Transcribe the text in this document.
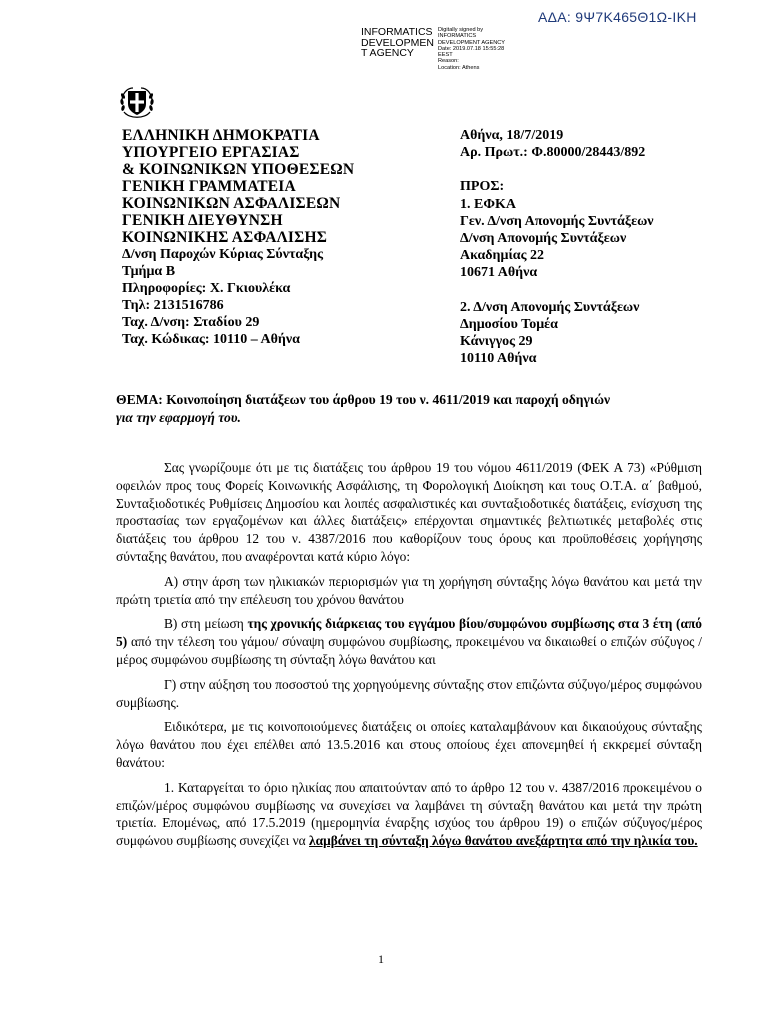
ΑΔΑ: 9Ψ7Κ465Θ1Ω-ΙΚΗ
INFORMATICS
DEVELOPMEN
T AGENCY
Digitally signed by
INFORMATICS
DEVELOPMENT AGENCY
Date: 2019.07.18 15:55:28
EEST
Reason:
Location: Athens
ΕΛΛΗΝΙΚΗ ΔΗΜΟΚΡΑΤΙΑ
ΥΠΟΥΡΓΕΙΟ ΕΡΓΑΣΙΑΣ
& ΚΟΙΝΩΝΙΚΩΝ ΥΠΟΘΕΣΕΩΝ
ΓΕΝΙΚΗ ΓΡΑΜΜΑΤΕΙΑ
ΚΟΙΝΩΝΙΚΩΝ ΑΣΦΑΛΙΣΕΩΝ
ΓΕΝΙΚΗ ΔΙΕΥΘΥΝΣΗ
ΚΟΙΝΩΝΙΚΗΣ ΑΣΦΑΛΙΣΗΣ
Δ/νση Παροχών Κύριας Σύνταξης
Τμήμα Β
Πληροφορίες: Χ. Γκιουλέκα
Τηλ: 2131516786
Ταχ. Δ/νση: Σταδίου 29
Ταχ. Κώδικας: 10110 – Αθήνα
Αθήνα, 18/7/2019
Αρ. Πρωτ.: Φ.80000/28443/892
ΠΡΟΣ:
1. ΕΦΚΑ
Γεν. Δ/νση Απονομής Συντάξεων
Δ/νση Απονομής Συντάξεων
Ακαδημίας 22
10671 Αθήνα
2. Δ/νση Απονομής Συντάξεων
Δημοσίου Τομέα
Κάνιγγος 29
10110 Αθήνα
ΘΕΜΑ: Κοινοποίηση διατάξεων του άρθρου 19 του ν. 4611/2019 και παροχή οδηγιών
για την εφαρμογή του.

Σας γνωρίζουμε ότι με τις διατάξεις του άρθρου 19 του νόμου 4611/2019 (ΦΕΚ Α 73) «Ρύθμιση οφειλών προς τους Φορείς Κοινωνικής Ασφάλισης, τη Φορολογική Διοίκηση και τους Ο.Τ.Α. α΄ βαθμού, Συνταξιοδοτικές Ρυθμίσεις Δημοσίου και λοιπές ασφαλιστικές και συνταξιοδοτικές διατάξεις, ενίσχυση της προστασίας των εργαζομένων και άλλες διατάξεις» επέρχονται σημαντικές βελτιωτικές μεταβολές στις διατάξεις του άρθρου 12 του ν. 4387/2016 που καθορίζουν τους όρους και προϋποθέσεις χορήγησης σύνταξης θανάτου, που αναφέρονται κατά κύριο λόγο:

Α) στην άρση των ηλικιακών περιορισμών για τη χορήγηση σύνταξης λόγω θανάτου και μετά την πρώτη τριετία από την επέλευση του χρόνου θανάτου

Β) στη μείωση της χρονικής διάρκειας του εγγάμου βίου/συμφώνου συμβίωσης στα 3 έτη (από 5) από την τέλεση του γάμου/ σύναψη συμφώνου συμβίωσης, προκειμένου να δικαιωθεί ο επιζών σύζυγος / μέρος συμφώνου συμβίωσης τη σύνταξη λόγω θανάτου και

Γ) στην αύξηση του ποσοστού της χορηγούμενης σύνταξης στον επιζώντα σύζυγο/μέρος συμφώνου συμβίωσης.

Ειδικότερα, με τις κοινοποιούμενες διατάξεις οι οποίες καταλαμβάνουν και δικαιούχους σύνταξης λόγω θανάτου που έχει επέλθει από 13.5.2016 και στους οποίους έχει απονεμηθεί ή εκκρεμεί σύνταξη θανάτου:

1. Καταργείται το όριο ηλικίας που απαιτούνταν από το άρθρο 12 του ν. 4387/2016 προκειμένου ο επιζών/μέρος συμφώνου συμβίωσης να συνεχίσει να λαμβάνει τη σύνταξη θανάτου και μετά την πρώτη τριετία. Επομένως, από 17.5.2019 (ημερομηνία έναρξης ισχύος του άρθρου 19) ο επιζών σύζυγος/μέρος συμφώνου συμβίωσης συνεχίζει να λαμβάνει τη σύνταξη λόγω θανάτου ανεξάρτητα από την ηλικία του.

1
